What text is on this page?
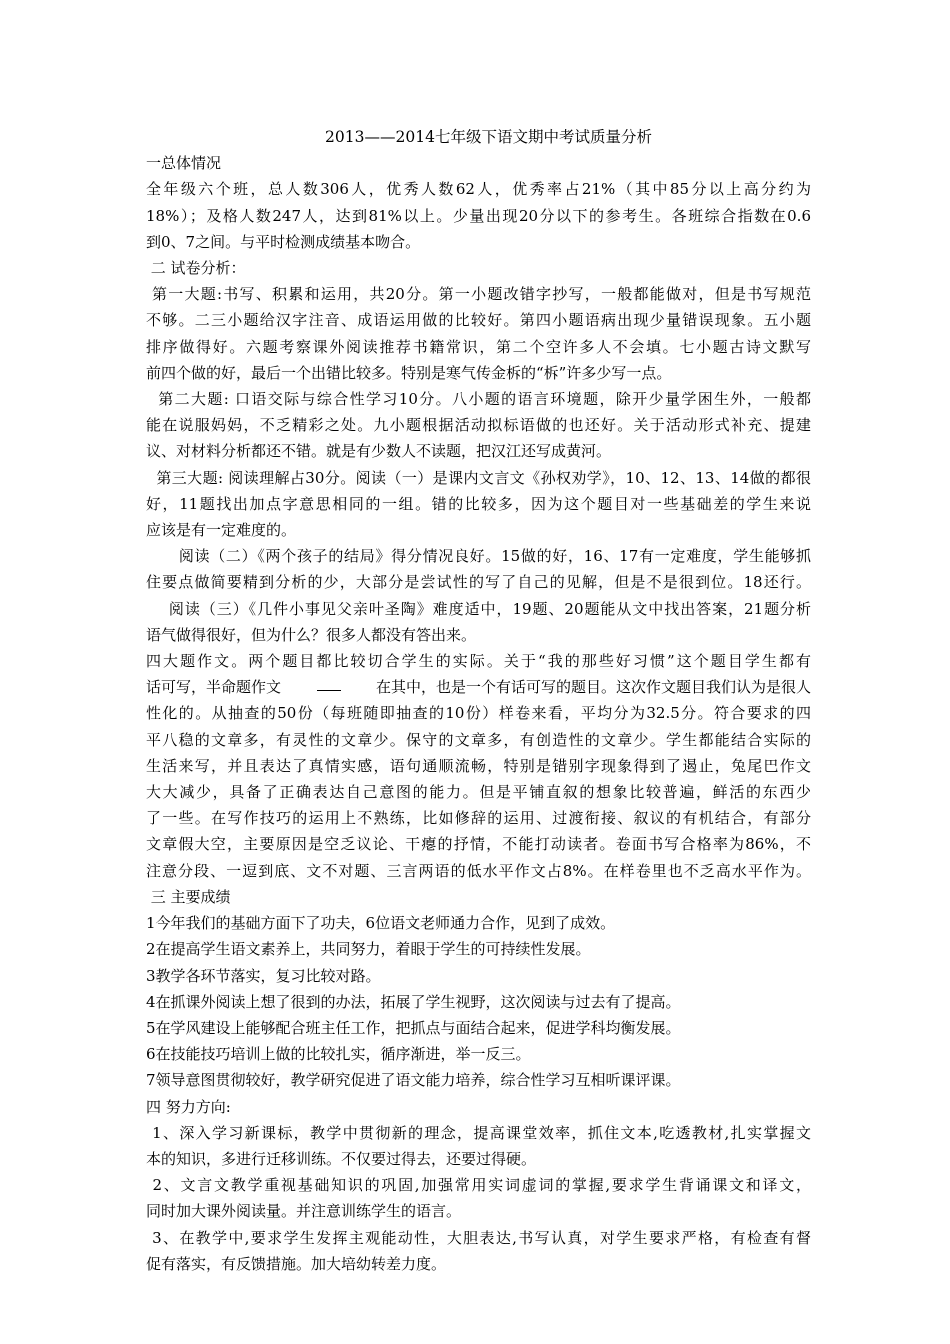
2013——2014七年级下语文期中考试质量分析

一总体情况

全年级六个班，总人数306人，优秀人数62人，优秀率占21%（其中85分以上高分约为

18%）；及格人数247人，达到81%以上。少量出现20分以下的参考生。各班综合指数在0.6

到0、7之间。与平时检测成绩基本吻合。

二 试卷分析：

第一大题:书写、积累和运用，共20分。第一小题改错字抄写，一般都能做对，但是书写规范

不够。二三小题给汉字注音、成语运用做的比较好。第四小题语病出现少量错误现象。五小题

排序做得好。六题考察课外阅读推荐书籍常识，第二个空许多人不会填。七小题古诗文默写

前四个做的好，最后一个出错比较多。特别是寒气传金柝的“柝”许多少写一点。

第二大题: 口语交际与综合性学习10分。八小题的语言环境题，除开少量学困生外，一般都

能在说服妈妈，不乏精彩之处。九小题根据活动拟标语做的也还好。关于活动形式补充、提建

议、对材料分析都还不错。就是有少数人不读题，把汉江还写成黄河。

第三大题: 阅读理解占30分。阅读（一）是课内文言文《孙权劝学》，10、12、13、14做的都很

好，11题找出加点字意思相同的一组。错的比较多，因为这个题目对一些基础差的学生来说

应该是有一定难度的。

阅读（二）《两个孩子的结局》得分情况良好。15做的好，16、17有一定难度，学生能够抓

住要点做简要精到分析的少，大部分是尝试性的写了自己的见解，但是不是很到位。18还行。

阅读（三）《几件小事见父亲叶圣陶》难度适中，19题、20题能从文中找出答案，21题分析

语气做得很好，但为什么？很多人都没有答出来。

四大题作文。两个题目都比较切合学生的实际。关于“我的那些好习惯”这个题目学生都有

话可写，半命题作文	在其中，也是一个有话可写的题目。这次作文题目我们认为是很人

性化的。从抽查的50份（每班随即抽查的10份）样卷来看，平均分为32.5分。符合要求的四

平八稳的文章多，有灵性的文章少。保守的文章多，有创造性的文章少。学生都能结合实际的

生活来写，并且表达了真情实感，语句通顺流畅，特别是错别字现象得到了遏止，兔尾巴作文

大大减少，具备了正确表达自己意图的能力。但是平铺直叙的想象比较普遍，鲜活的东西少

了一些。在写作技巧的运用上不熟练，比如修辞的运用、过渡衔接、叙议的有机结合，有部分

文章假大空，主要原因是空乏议论、干瘪的抒情，不能打动读者。卷面书写合格率为86%，不

注意分段、一逗到底、文不对题、三言两语的低水平作文占8%。在样卷里也不乏高水平作为。

三 主要成绩

1今年我们的基础方面下了功夫，6位语文老师通力合作，见到了成效。

2在提高学生语文素养上，共同努力，着眼于学生的可持续性发展。

3教学各环节落实，复习比较对路。

4在抓课外阅读上想了很到的办法，拓展了学生视野，这次阅读与过去有了提高。

5在学风建设上能够配合班主任工作，把抓点与面结合起来，促进学科均衡发展。

6在技能技巧培训上做的比较扎实，循序渐进，举一反三。

7领导意图贯彻较好，教学研究促进了语文能力培养，综合性学习互相听课评课。

四 努力方向:

1、深入学习新课标，教学中贯彻新的理念，提高课堂效率，抓住文本,吃透教材,扎实掌握文

本的知识，多进行迁移训练。不仅要过得去，还要过得硬。

2、文言文教学重视基础知识的巩固,加强常用实词虚词的掌握,要求学生背诵课文和译文，

同时加大课外阅读量。并注意训练学生的语言。

3、在教学中,要求学生发挥主观能动性，大胆表达,书写认真，对学生要求严格，有检查有督

促有落实，有反馈措施。加大培幼转差力度。
